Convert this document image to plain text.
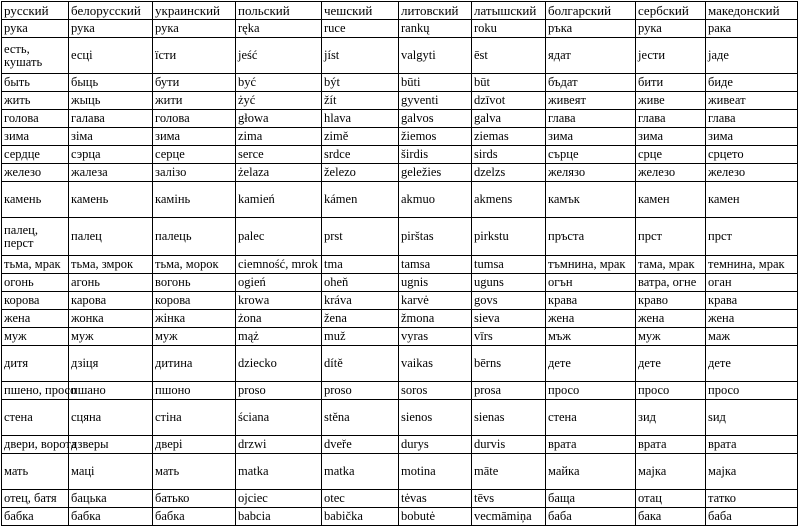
русский	белорусский	украинский	польский	чешский	литовский	латышский	болгарский	сербский	македонский
рука	рука	рука	ręka	ruce	rankų	roku	ръка	рука	рака
есть, кушать	есці	їсти	jeść	jíst	valgyti	ēst	ядат	јести	јаде
быть	быць	бути	być	být	būti	būt	бъдат	бити	биде
жить	жыць	жити	żyć	žít	gyventi	dzīvot	живеят	живе	живеат
голова	галава	голова	głowa	hlava	galvos	galva	глава	глава	глава
зима	зіма	зима	zima	zimě	žiemos	ziemas	зима	зима	зима
сердце	сэрца	серце	serce	srdce	širdis	sirds	сърце	срце	срцето
железо	жалеза	залізо	żelaza	železo	geležies	dzelzs	желязо	железо	железо
камень	камень	камінь	kamień	kámen	akmuo	akmens	камък	камен	камен
палец, перст	палец	палець	palec	prst	pirštas	pirkstu	пръста	прст	прст
тьма, мрак	тьма, змрок	тьма, морок	ciemność, mrok	tma	tamsa	tumsa	тъмнина, мрак	тама, мрак	темнина, мрак
огонь	агонь	вогонь	ogień	oheň	ugnis	uguns	огън	ватра, огне	оган
корова	карова	корова	krowa	kráva	karvė	govs	крава	краво	крава
жена	жонка	жінка	żona	žena	žmona	sieva	жена	жена	жена
муж	муж	муж	mąż	muž	vyras	vīrs	мъж	муж	маж
дитя	дзіця	дитина	dziecko	dítě	vaikas	bērns	дете	дете	дете
пшено, просо	пшано	пшоно	proso	proso	soros	prosa	просо	просо	просо
стена	сцяна	стіна	ściana	stěna	sienos	sienas	стена	зид	sид
двери, ворота	дзверы	двері	drzwi	dveře	durys	durvis	врата	врата	врата
мать	маці	мать	matka	matka	motina	māte	майка	мајка	мајка
отец, батя	бацька	батько	ojciec	otec	tėvas	tēvs	баща	отац	татко
бабка	бабка	бабка	babcia	babička	bobutė	vecmāmiņa	баба	бака	баба
